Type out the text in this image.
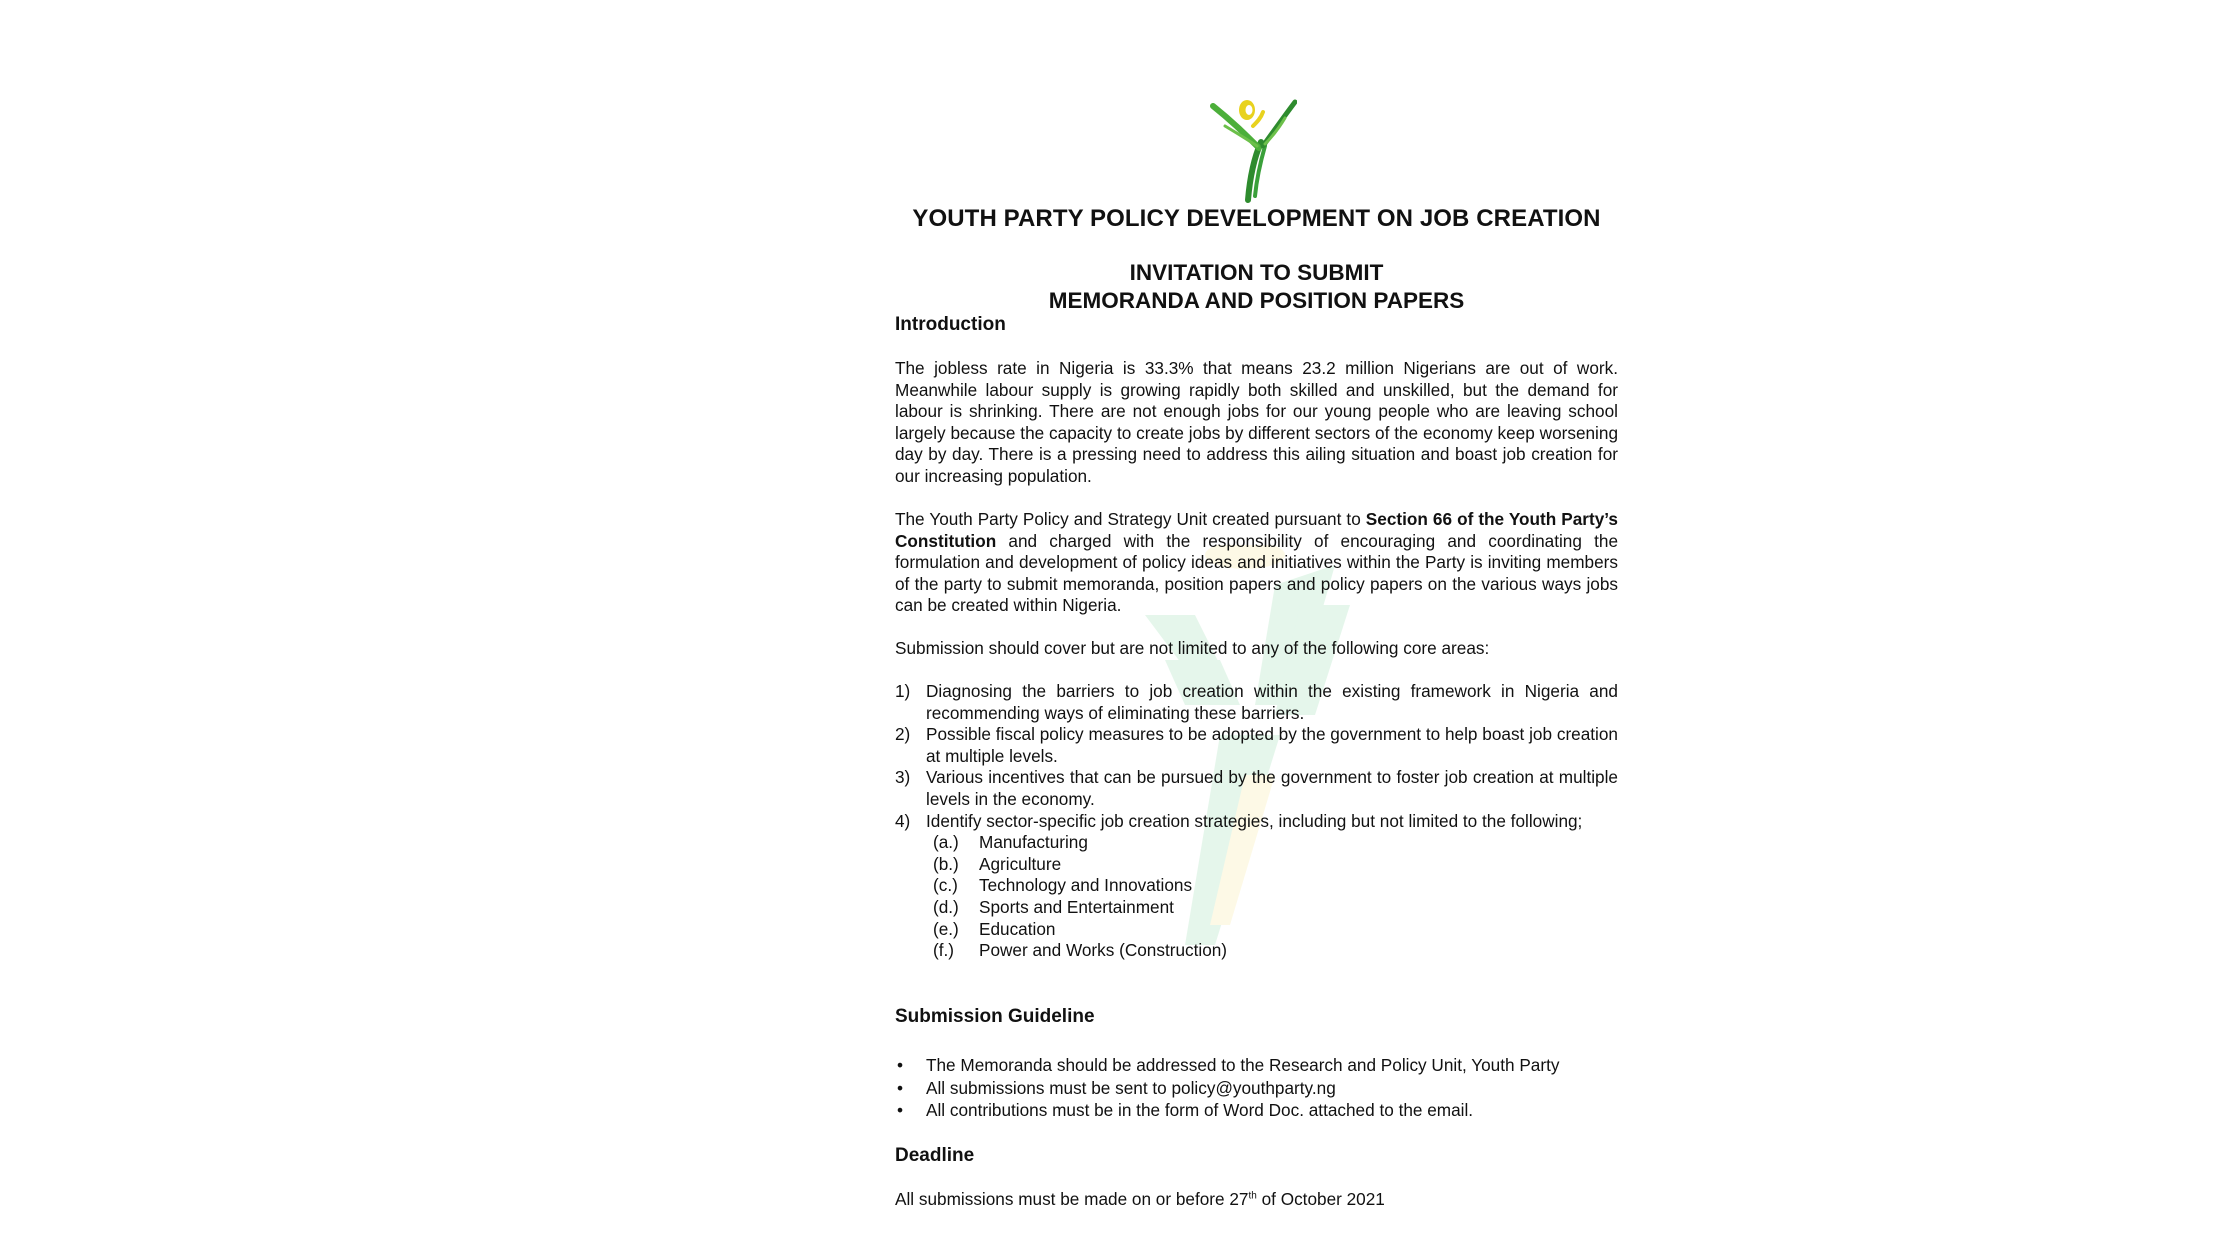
YOUTH PARTY POLICY DEVELOPMENT ON JOB CREATION
INVITATION TO SUBMIT
MEMORANDA AND POSITION PAPERS
Introduction

The jobless rate in Nigeria is 33.3% that means 23.2 million Nigerians are out of work. Meanwhile labour supply is growing rapidly both skilled and unskilled, but the demand for labour is shrinking. There are not enough jobs for our young people who are leaving school largely because the capacity to create jobs by different sectors of the economy keep worsening day by day. There is a pressing need to address this ailing situation and boast job creation for our increasing population.

The Youth Party Policy and Strategy Unit created pursuant to Section 66 of the Youth Party’s Constitution and charged with the responsibility of encouraging and coordinating the formulation and development of policy ideas and initiatives within the Party is inviting members of the party to submit memoranda, position papers and policy papers on the various ways jobs can be created within Nigeria.

Submission should cover but are not limited to any of the following core areas:

1) Diagnosing the barriers to job creation within the existing framework in Nigeria and recommending ways of eliminating these barriers.
2) Possible fiscal policy measures to be adopted by the government to help boast job creation at multiple levels.
3) Various incentives that can be pursued by the government to foster job creation at multiple levels in the economy.
4) Identify sector-specific job creation strategies, including but not limited to the following;
(a.) Manufacturing
(b.) Agriculture
(c.) Technology and Innovations
(d.) Sports and Entertainment
(e.) Education
(f.) Power and Works (Construction)
Submission Guideline
• The Memoranda should be addressed to the Research and Policy Unit, Youth Party
• All submissions must be sent to policy@youthparty.ng
• All contributions must be in the form of Word Doc. attached to the email.
Deadline

All submissions must be made on or before 27th of October 2021
